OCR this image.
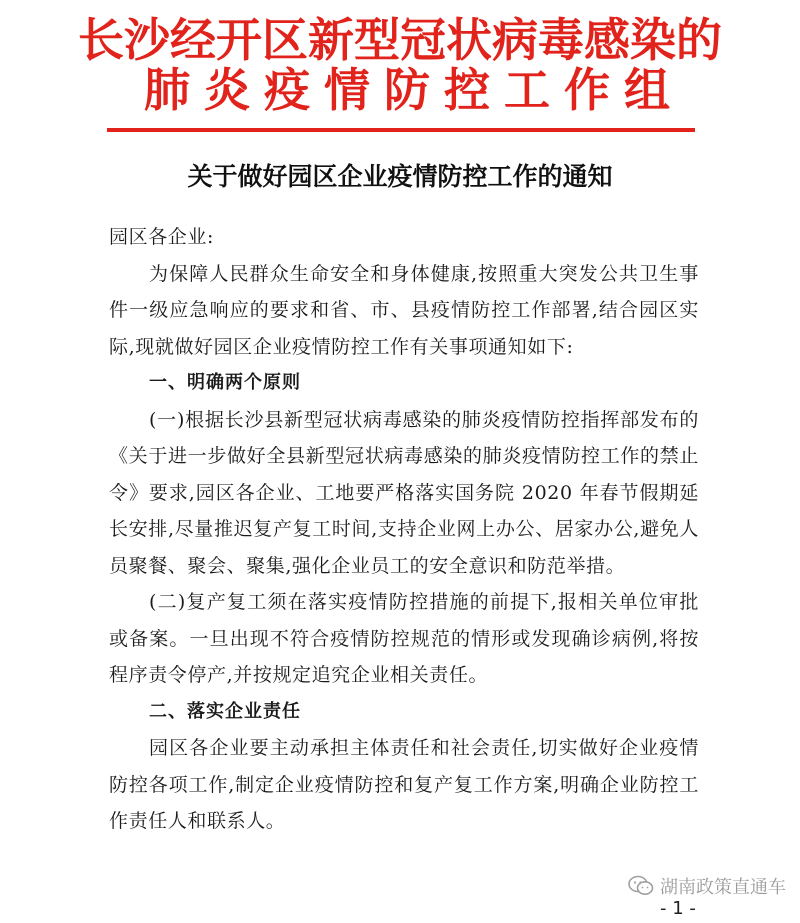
长沙经开区新型冠状病毒感染的
肺炎疫情防控工作组
关于做好园区企业疫情防控工作的通知

园区各企业:

为保障人民群众生命安全和身体健康,按照重大突发公共卫生事件一级应急响应的要求和省、市、县疫情防控工作部署,结合园区实际,现就做好园区企业疫情防控工作有关事项通知如下:

一、明确两个原则

(一)根据长沙县新型冠状病毒感染的肺炎疫情防控指挥部发布的《关于进一步做好全县新型冠状病毒感染的肺炎疫情防控工作的禁止令》要求,园区各企业、工地要严格落实国务院 2020 年春节假期延长安排,尽量推迟复产复工时间,支持企业网上办公、居家办公,避免人员聚餐、聚会、聚集,强化企业员工的安全意识和防范举措。

(二)复产复工须在落实疫情防控措施的前提下,报相关单位审批或备案。一旦出现不符合疫情防控规范的情形或发现确诊病例,将按程序责令停产,并按规定追究企业相关责任。

二、落实企业责任

园区各企业要主动承担主体责任和社会责任,切实做好企业疫情防控各项工作,制定企业疫情防控和复产复工作方案,明确企业防控工作责任人和联系人。

湖南政策直通车
- 1 -
